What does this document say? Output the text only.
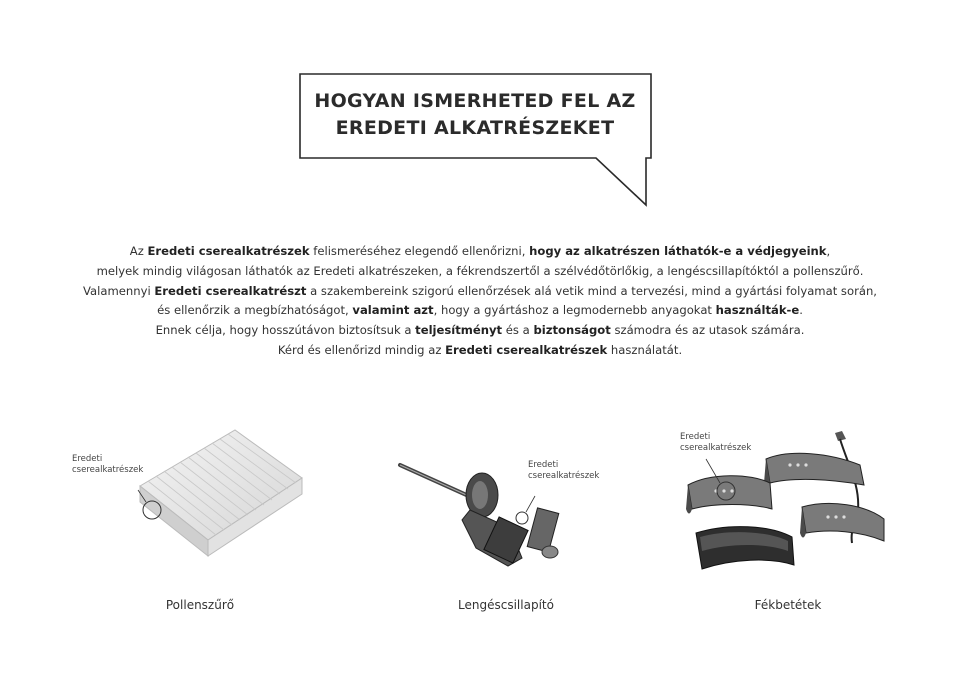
HOGYAN ISMERHETED FEL AZ
EREDETI ALKATRÉSZEKET

Az Eredeti cserealkatrészek felismeréséhez elegendő ellenőrizni, hogy az alkatrészen láthatók-e a védjegyeink,

melyek mindig világosan láthatók az Eredeti alkatrészeken, a fékrendszertől a szélvédőtörlőkig, a lengéscsillapítóktól a pollenszűrő.

Valamennyi Eredeti cserealkatrészt a szakembereink szigorú ellenőrzések alá vetik mind a tervezési, mind a gyártási folyamat során,

és ellenőrzik a megbízhatóságot, valamint azt, hogy a gyártáshoz a legmodernebb anyagokat használták-e.

Ennek célja, hogy hosszútávon biztosítsuk a teljesítményt és a biztonságot számodra és az utasok számára.

Kérd és ellenőrizd mindig az Eredeti cserealkatrészek használatát.

Eredeti
cserealkatrészek
Pollenszűrő
Eredeti
cserealkatrészek
Lengéscsillapító
Eredeti
cserealkatrészek
Fékbetétek
